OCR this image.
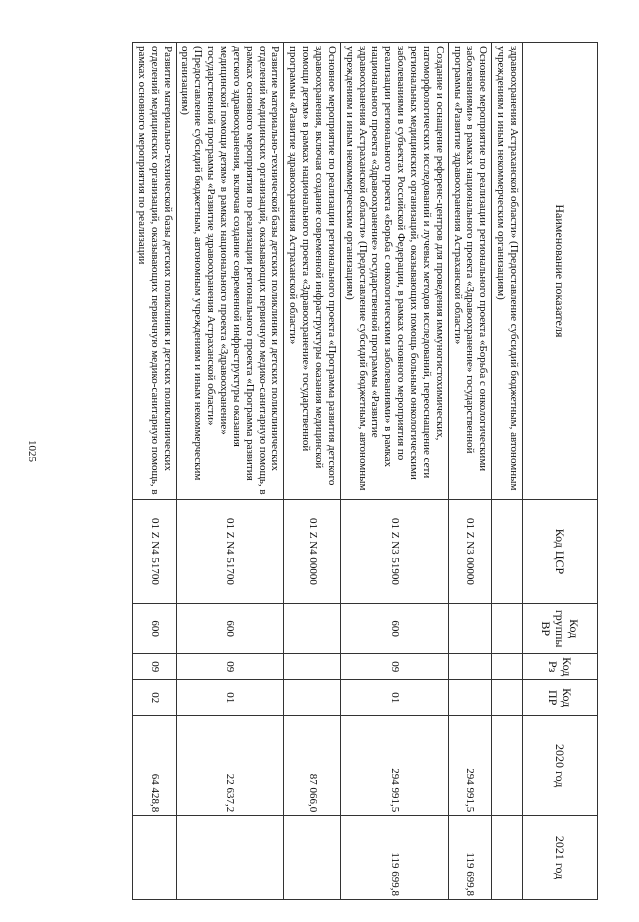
1025
Наименование показателя	Код ЦСР	Код группы ВР	Код Рз	Код ПР	2020 год	2021 год
здравоохранения Астраханской области» (Предоставление субсидий бюджетным, автономным учреждениям и иным некоммерческим организациям)						
Основное мероприятие по реализации регионального проекта «Борьба с онкологическими заболеваниями» в рамках национального проекта «Здравоохранение» государственной программы «Развитие здравоохранения Астраханской области»	01 Z N3 00000				294 991,5	119 699,8
Создание и оснащение референс-центров для проведения иммуногистохимических, патоморфологических исследований и лучевых методов исследований, переоснащение сети региональных медицинских организаций, оказывающих помощь больным онкологическими заболеваниями в субъектах Российской Федерации, в рамках основного мероприятия по реализации регионального проекта «Борьба с онкологическими заболеваниями» в рамках национального проекта «Здравоохранение» государственной программы «Развитие здравоохранения Астраханской области» (Предоставление субсидий бюджетным, автономным учреждениям и иным некоммерческим организациям)	01 Z N3 51900	600	09	01	294 991,5	119 699,8
Основное мероприятие по реализации регионального проекта «Программа развития детского здравоохранения, включая создание современной инфраструктуры оказания медицинской помощи детям» в рамках национального проекта «Здравоохранение» государственной программы «Развитие здравоохранения Астраханской области»	01 Z N4 00000				87 066,0	
Развитие материально-технической базы детских поликлиник и детских поликлинических отделений медицинских организаций, оказывающих первичную медико-санитарную помощь, в рамках основного мероприятия по реализации регионального проекта «Программа развития детского здравоохранения, включая создание современной инфраструктуры оказания медицинской помощи детям» в рамках национального проекта «Здравоохранение» государственной программы «Развитие здравоохранения Астраханской области» (Предоставление субсидий бюджетным, автономным учреждениям и иным некоммерческим организациям)	01 Z N4 51700	600	09	01	22 637,2	
Развитие материально-технической базы детских поликлиник и детских поликлинических отделений медицинских организаций, оказывающих первичную медико-санитарную помощь, в рамках основного мероприятия по реализации	01 Z N4 51700	600	09	02	64 428,8	
